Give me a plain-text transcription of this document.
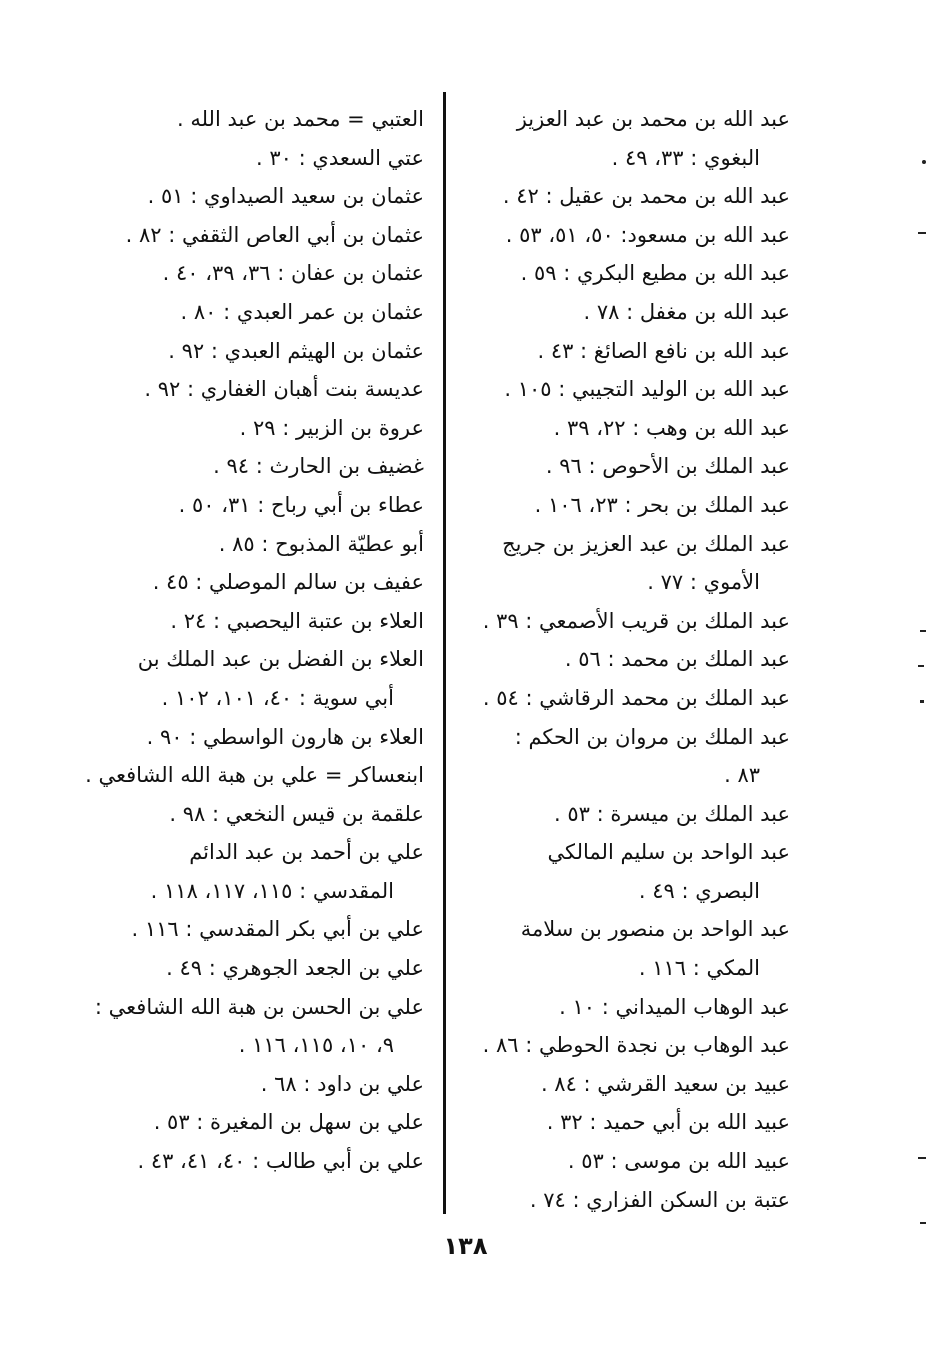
عبد الله بن محمد بن عبد العزيز
البغوي : ٣٣، ٤٩ .
عبد الله بن محمد بن عقيل : ٤٢ .
عبد الله بن مسعود: ٥٠، ٥١، ٥٣ .
عبد الله بن مطيع البكري : ٥٩ .
عبد الله بن مغفل : ٧٨ .
عبد الله بن نافع الصائغ : ٤٣ .
عبد الله بن الوليد التجيبي : ١٠٥ .
عبد الله بن وهب : ٢٢، ٣٩ .
عبد الملك بن الأحوص : ٩٦ .
عبد الملك بن بحر : ٢٣، ١٠٦ .
عبد الملك بن عبد العزيز بن جريج
الأموي : ٧٧ .
عبد الملك بن قريب الأصمعي : ٣٩ .
عبد الملك بن محمد : ٥٦ .
عبد الملك بن محمد الرقاشي : ٥٤ .
عبد الملك بن مروان بن الحكم :
٨٣ .
عبد الملك بن ميسرة : ٥٣ .
عبد الواحد بن سليم المالكي
البصري : ٤٩ .
عبد الواحد بن منصور بن سلامة
المكي : ١١٦ .
عبد الوهاب الميداني : ١٠ .
عبد الوهاب بن نجدة الحوطي : ٨٦ .
عبيد بن سعيد القرشي : ٨٤ .
عبيد الله بن أبي حميد : ٣٢ .
عبيد الله بن موسى : ٥٣ .
عتبة بن السكن الفزاري : ٧٤ .
العتبي = محمد بن عبد الله .
عتي السعدي : ٣٠ .
عثمان بن سعيد الصيداوي : ٥١ .
عثمان بن أبي العاص الثقفي : ٨٢ .
عثمان بن عفان : ٣٦، ٣٩، ٤٠ .
عثمان بن عمر العبدي : ٨٠ .
عثمان بن الهيثم العبدي : ٩٢ .
عديسة بنت أهبان الغفاري : ٩٢ .
عروة بن الزبير : ٢٩ .
غضيف بن الحارث : ٩٤ .
عطاء بن أبي رباح : ٣١، ٥٠ .
أبو عطيّة المذبوح : ٨٥ .
عفيف بن سالم الموصلي : ٤٥ .
العلاء بن عتبة اليحصبي : ٢٤ .
العلاء بن الفضل بن عبد الملك بن
أبي سوية : ٤٠، ١٠١، ١٠٢ .
العلاء بن هارون الواسطي : ٩٠ .
ابنعساكر = علي بن هبة الله الشافعي .
علقمة بن قيس النخعي : ٩٨ .
علي بن أحمد بن عبد الدائم
المقدسي : ١١٥، ١١٧، ١١٨ .
علي بن أبي بكر المقدسي : ١١٦ .
علي بن الجعد الجوهري : ٤٩ .
علي بن الحسن بن هبة الله الشافعي :
٩، ١٠، ١١٥، ١١٦ .
علي بن داود : ٦٨ .
علي بن سهل بن المغيرة : ٥٣ .
علي بن أبي طالب : ٤٠، ٤١، ٤٣ .
١٣٨
